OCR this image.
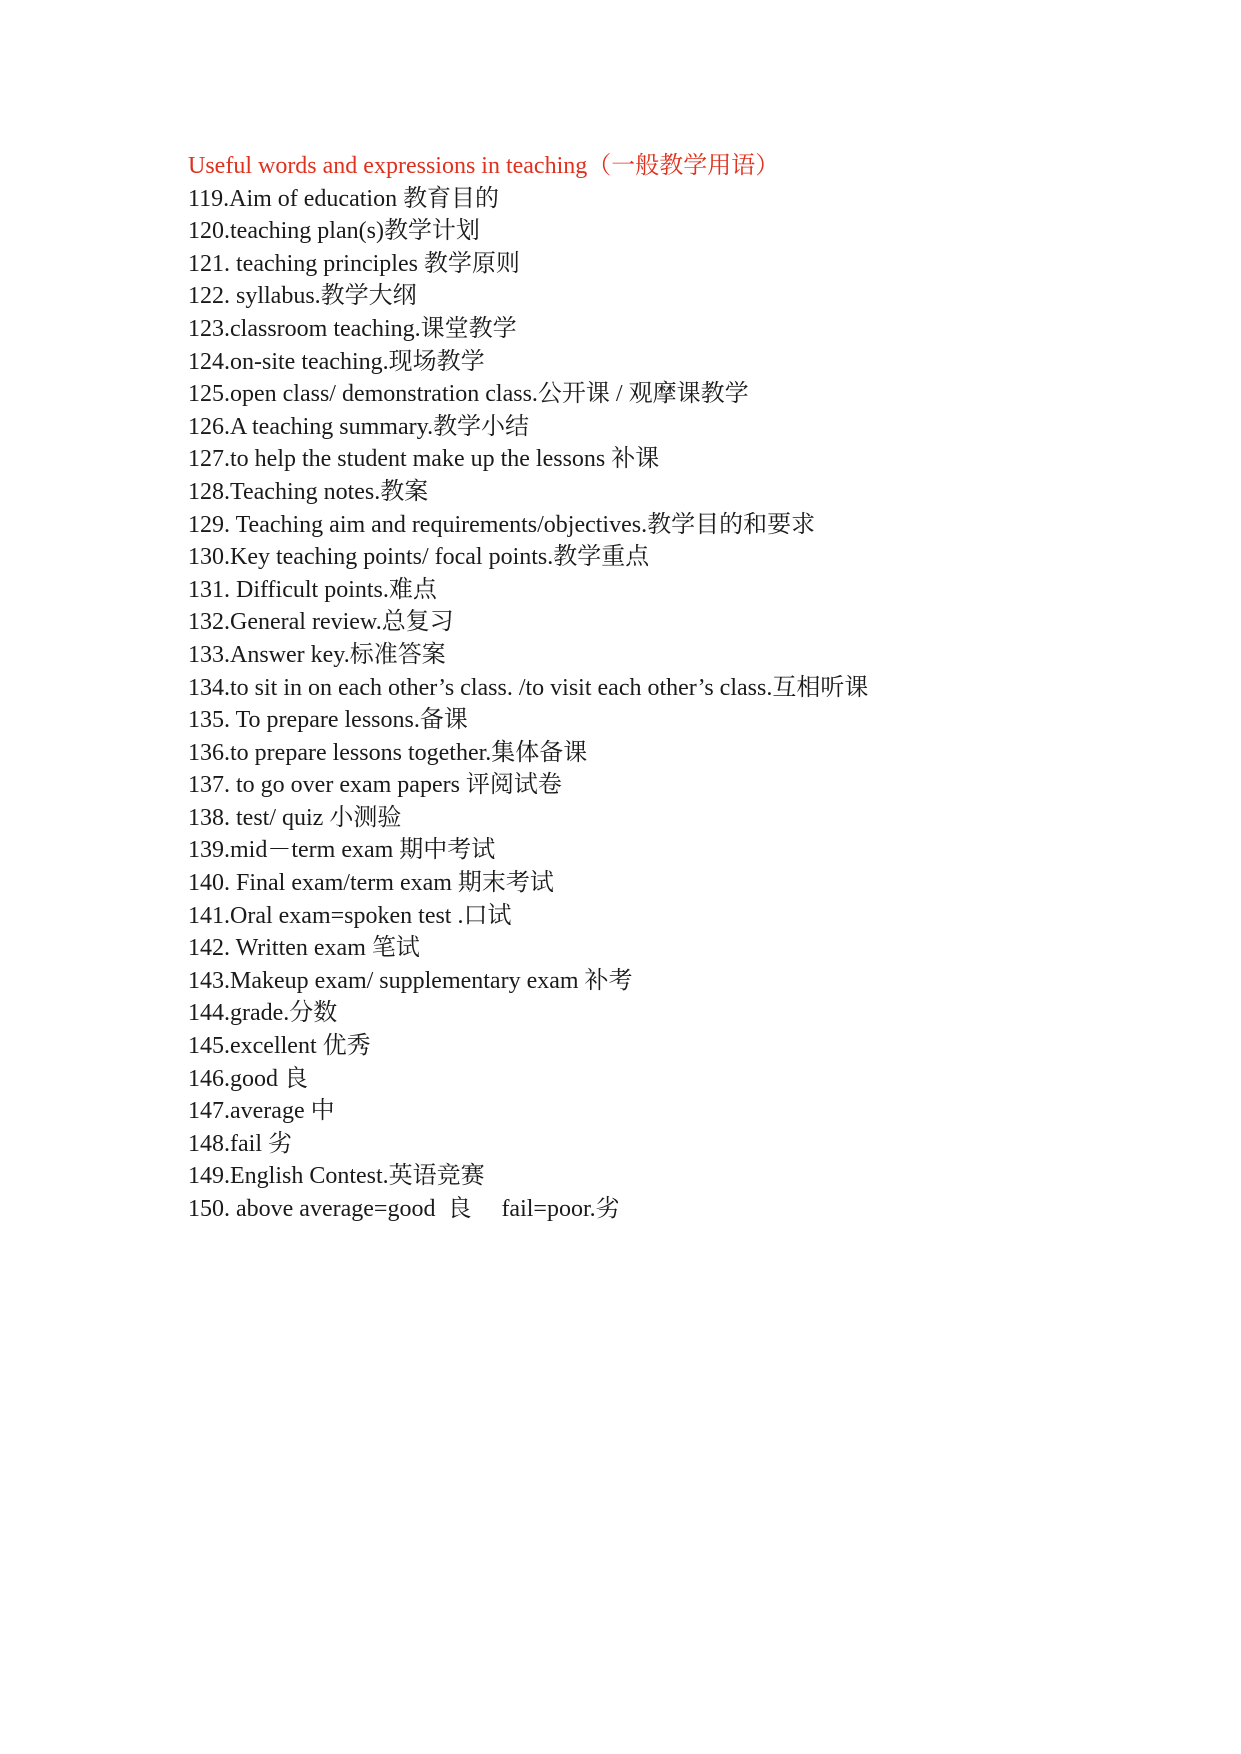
Useful words and expressions in teaching（一般教学用语）
119.Aim of education 教育目的
120.teaching plan(s)教学计划
121. teaching principles 教学原则
122. syllabus.教学大纲
123.classroom teaching.课堂教学
124.on-site teaching.现场教学
125.open class/ demonstration class.公开课 / 观摩课教学
126.A teaching summary.教学小结
127.to help the student make up the lessons 补课
128.Teaching notes.教案
129. Teaching aim and requirements/objectives.教学目的和要求
130.Key teaching points/ focal points.教学重点
131. Difficult points.难点
132.General review.总复习
133.Answer key.标准答案
134.to sit in on each other’s class. /to visit each other’s class.互相听课
135. To prepare lessons.备课
136.to prepare lessons together.集体备课
137. to go over exam papers 评阅试卷
138. test/ quiz 小测验
139.mid－term exam 期中考试
140. Final exam/term exam 期末考试
141.Oral exam=spoken test .口试
142. Written exam 笔试
143.Makeup exam/ supplementary exam 补考
144.grade.分数
145.excellent 优秀
146.good 良
147.average 中
148.fail 劣
149.English Contest.英语竞赛
150. above average=good  良     fail=poor.劣
